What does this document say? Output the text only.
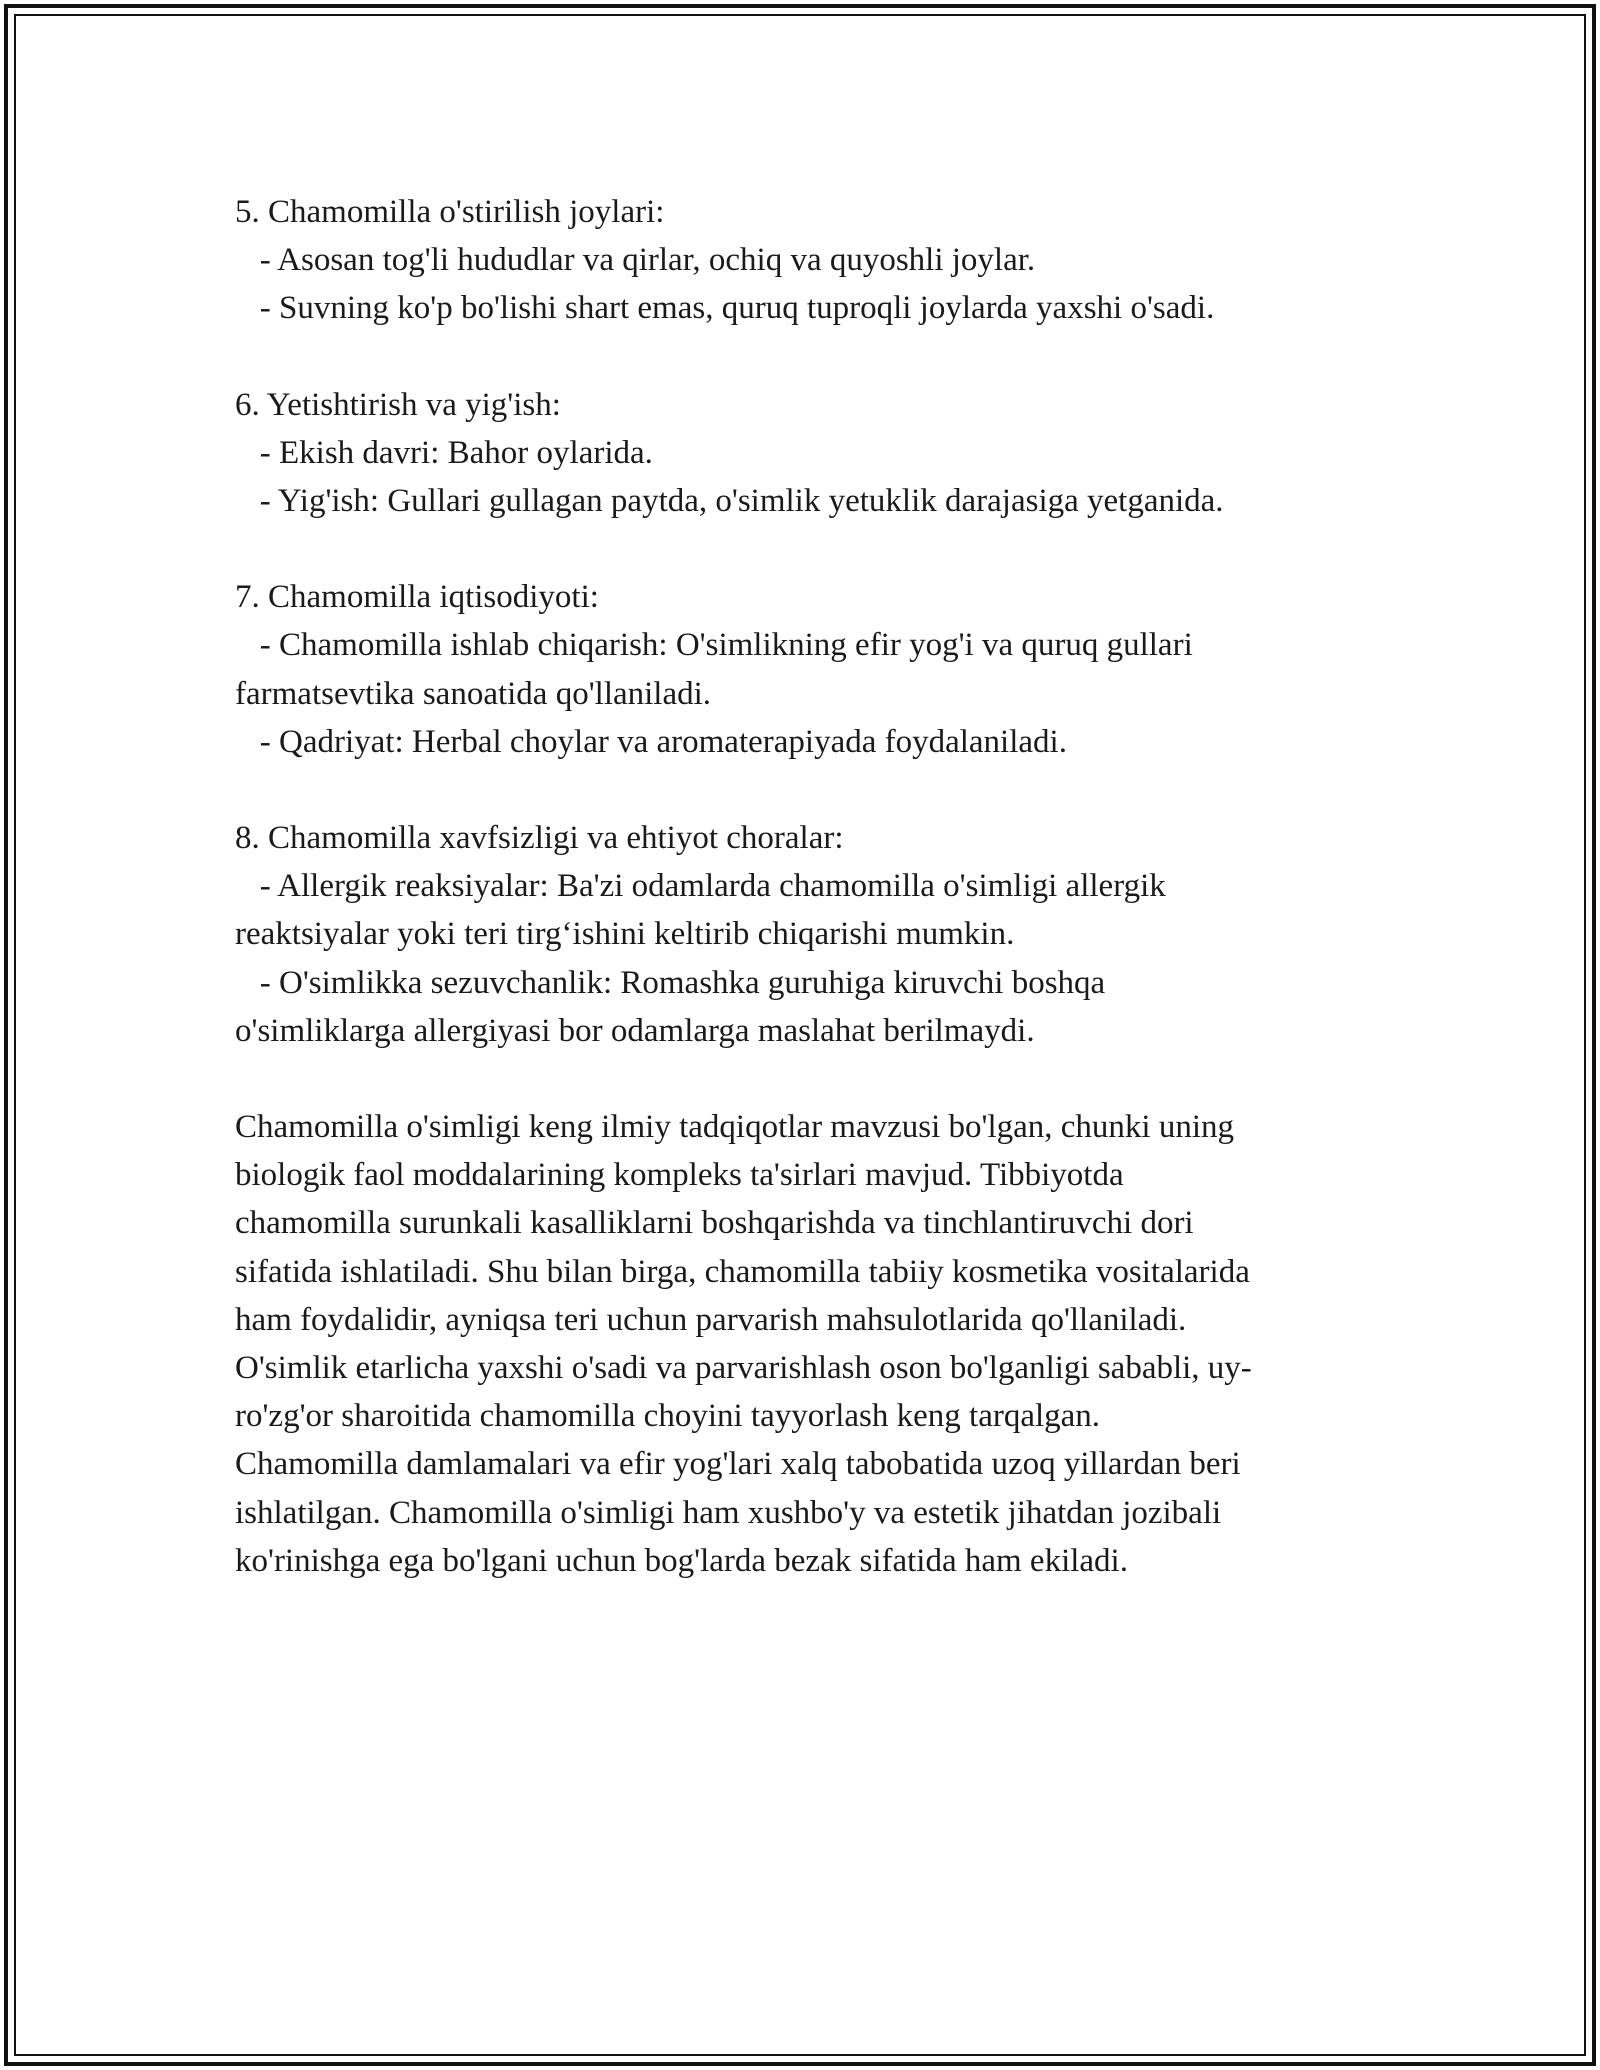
5. Chamomilla o'stirilish joylari:
- Asosan tog'li hududlar va qirlar, ochiq va quyoshli joylar.
- Suvning ko'p bo'lishi shart emas, quruq tuproqli joylarda yaxshi o'sadi.
6. Yetishtirish va yig'ish:
- Ekish davri: Bahor oylarida.
- Yig'ish: Gullari gullagan paytda, o'simlik yetuklik darajasiga yetganida.
7. Chamomilla iqtisodiyoti:
- Chamomilla ishlab chiqarish: O'simlikning efir yog'i va quruq gullari
farmatsevtika sanoatida qo'llaniladi.
- Qadriyat: Herbal choylar va aromaterapiyada foydalaniladi.
8. Chamomilla xavfsizligi va ehtiyot choralar:
- Allergik reaksiyalar: Ba'zi odamlarda chamomilla o'simligi allergik
reaktsiyalar yoki teri tirg‘ishini keltirib chiqarishi mumkin.
- O'simlikka sezuvchanlik: Romashka guruhiga kiruvchi boshqa
o'simliklarga allergiyasi bor odamlarga maslahat berilmaydi.
Chamomilla o'simligi keng ilmiy tadqiqotlar mavzusi bo'lgan, chunki uning
biologik faol moddalarining kompleks ta'sirlari mavjud. Tibbiyotda
chamomilla surunkali kasalliklarni boshqarishda va tinchlantiruvchi dori
sifatida ishlatiladi. Shu bilan birga, chamomilla tabiiy kosmetika vositalarida
ham foydalidir, ayniqsa teri uchun parvarish mahsulotlarida qo'llaniladi.
O'simlik etarlicha yaxshi o'sadi va parvarishlash oson bo'lganligi sababli, uy-
ro'zg'or sharoitida chamomilla choyini tayyorlash keng tarqalgan.
Chamomilla damlamalari va efir yog'lari xalq tabobatida uzoq yillardan beri
ishlatilgan. Chamomilla o'simligi ham xushbo'y va estetik jihatdan jozibali
ko'rinishga ega bo'lgani uchun bog'larda bezak sifatida ham ekiladi.
